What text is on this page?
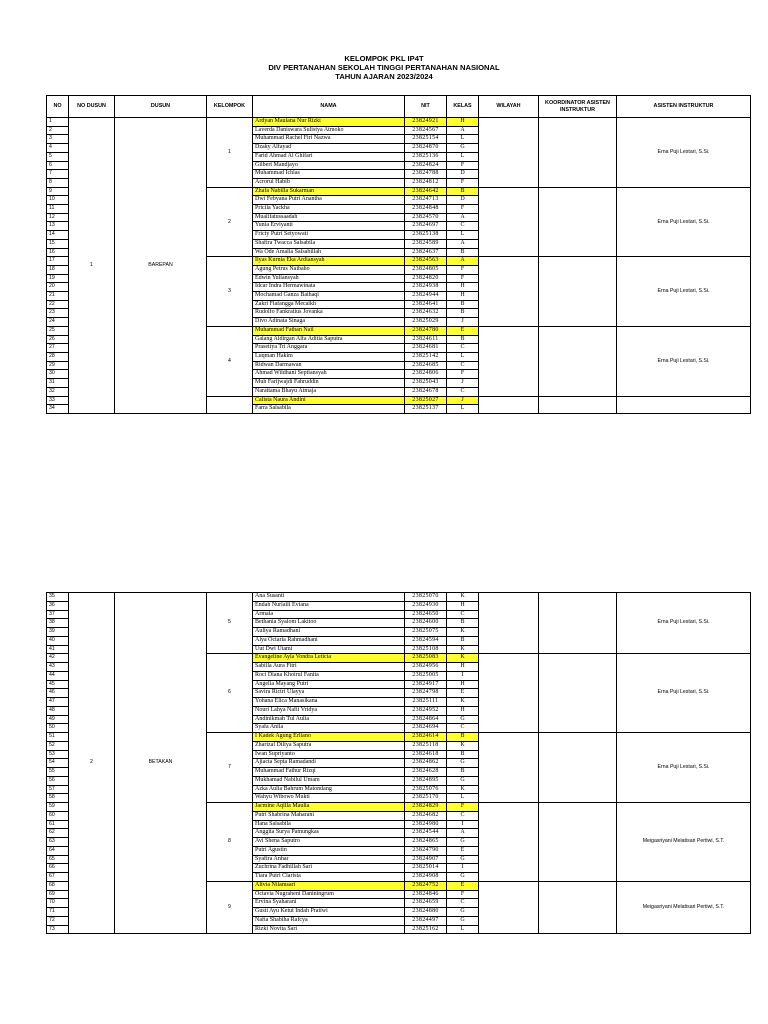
KELOMPOK PKL IP4T
DIV PERTANAHAN SEKOLAH TINGGI PERTANAHAN NASIONAL
TAHUN AJARAN 2023/2024
NO	NO DUSUN	DUSUN	KELOMPOK	NAMA	NIT	KELAS	WILAYAH	KOORDINATOR ASISTEN INSTRUKTUR	ASISTEN INSTRUKTUR
1	1	BAREPAN	1	Ardyan Maulana Nur Rizki	23824921	H			Erna Puji Lestari, S.Si.
2				Laverda Daniswara Sulistya Atmoko	23824567	A			
3				Muhammad Rachel Firi Nazwa	23825154	L			
4				Dzaky Alfayad	23824870	G			
5				Farid Ahmad Al Ghifari	23825136	L			
6				Gilbert Mandjayo	23824824	F			
7				Muhammad Ichlas	23824788	D			
8				Acrorul Habib	23824812	F			
9			2	Zhafa Nabilla Sukarman	23824642	B			Erna Puji Lestari, S.Si.
10				Dwi Febyana Putri Anantha	23824713	D			
11				Pricila Yackha	23824848	F			
12				Mualifatussaadah	23824570	A			
13				Yunia Erviyanti	23824697	C			
14				Fricty Putri Setyowati	23825138	L			
15				Shafira Twacca Salsabila	23824589	A			
16				Wa Ode Amalia Salsabillah	23824637	B			
17			3	Ilyas Kurnia Eka Ardiansyah	23824563	A			Erna Puji Lestari, S.Si.
18				Agung Petrus Naibaho	23824805	F			
19				Edwin Yuliansyah	23824820	F			
20				Idcar Indra Hermawinata	23824938	H			
21				Mochamad Ganza Baihaqi	23824944	H			
22				Zakri Fiafangga Mecaikh	23824641	B			
23				Rudolfo Fankratius Jovanka	23824632	B			
24				Divo Adinata Sinaga	23825029	J			
25			4	Muhammad Fathan Nail	23824780	E			Erna Puji Lestari, S.Si.
26				Galang Aldirgan Alfa Aditia Saputra	23824611	B			
27				Prasetiya Tri Anggara	23824681	C			
28				Luqman Hakim	23825142	L			
29				Ridwan Darmawan	23824685	C			
30				Ahmad Wildhani Septiansyah	23824806	F			
31				Muh Farijwajdi Fahruddin	23825043	J			
32				Narattama Bhayu Atmaja	23824678	C			
33				Calista Naura Andini	23825027	J			
34				Farra Salsabila	23825137	L			
35	2	BETAKAN	5	Ana Susanti	23825070	K			Erna Puji Lestari, S.Si.
36				Endah Nurlaili Eviana	23824930	H			
37				Armala	23824650	C			
38				Bethania Syalom Lakitoo	23824600	B			
39				Auliya Ramadhani	23825075	K			
40				Alya Octaria Rahmadhani	23824594	B			
41				Uut Dwi Utami	23825108	K			
42			6	Evangeline Ayla Vondra Leticia	23825083	K			Erna Puji Lestari, S.Si.
43				Sabilla Aura Fitri	23824956	H			
44				Roci Diana Khoirul Fanita	23825005	I			
45				Angelia Mayang Putri	23824917	H			
46				Savira Rictri Ulayya	23824798	E			
47				Yohana Elica Manasikana	23825111	K			
48				Nouri Lahya Nafii Vridya	23824952	H			
49				Andinikmah Tul Aulia	23824864	G			
50				Syafa Anila	23824694	C			
51			7	I Kadek Agung Erliano	23824614	B			Erna Puji Lestari, S.Si.
52				Zharizal Diliya Saputra	23825118	K			
53				Iwan Supriyanto	23824618	B			
54				Ajiacta Septa Ramadandi	23824862	G			
55				Muhammad Fathur Rizqi	23824628	B			
56				Mukhamad Nabilul Umam	23824895	G			
57				Azka Aulia Bahrum Matondang	23825076	K			
58				Wahyu Wibowo Mukti	23825170	L			
59			8	Jacmine Aqilla Maulia	23824829	F			Meigasriyani Melatisari Pertiwi, S.T.
60				Putri Shabrina Maharani	23824682	C			
61				Hana Salsabila	23824980	I			
62				Anggita Surya Pamungkas	23824544	A			
63				Avi Shena Saputro	23824865	G			
64				Putri Agustin	23824790	E			
65				Syafira Anhar	23824907	G			
66				Zuchrina Fadhillah Sari	23825014	I			
67				Tiara Putri Clarista	23824908	G			
68			9	Alivia Nilamsari	23824752	E			Meigasriyani Melatisari Pertiwi, S.T.
69				Octavia Nugraheni Daniningrum	23824846	F			
70				Ervina Syaharani	23824659	C			
71				Gusti Ayu Ketut Indah Pratiwi	23824880	G			
72				Nafia Shabiha Rafcya	23824497	G			
73				Rizki Novita Sari	23825162	L			
